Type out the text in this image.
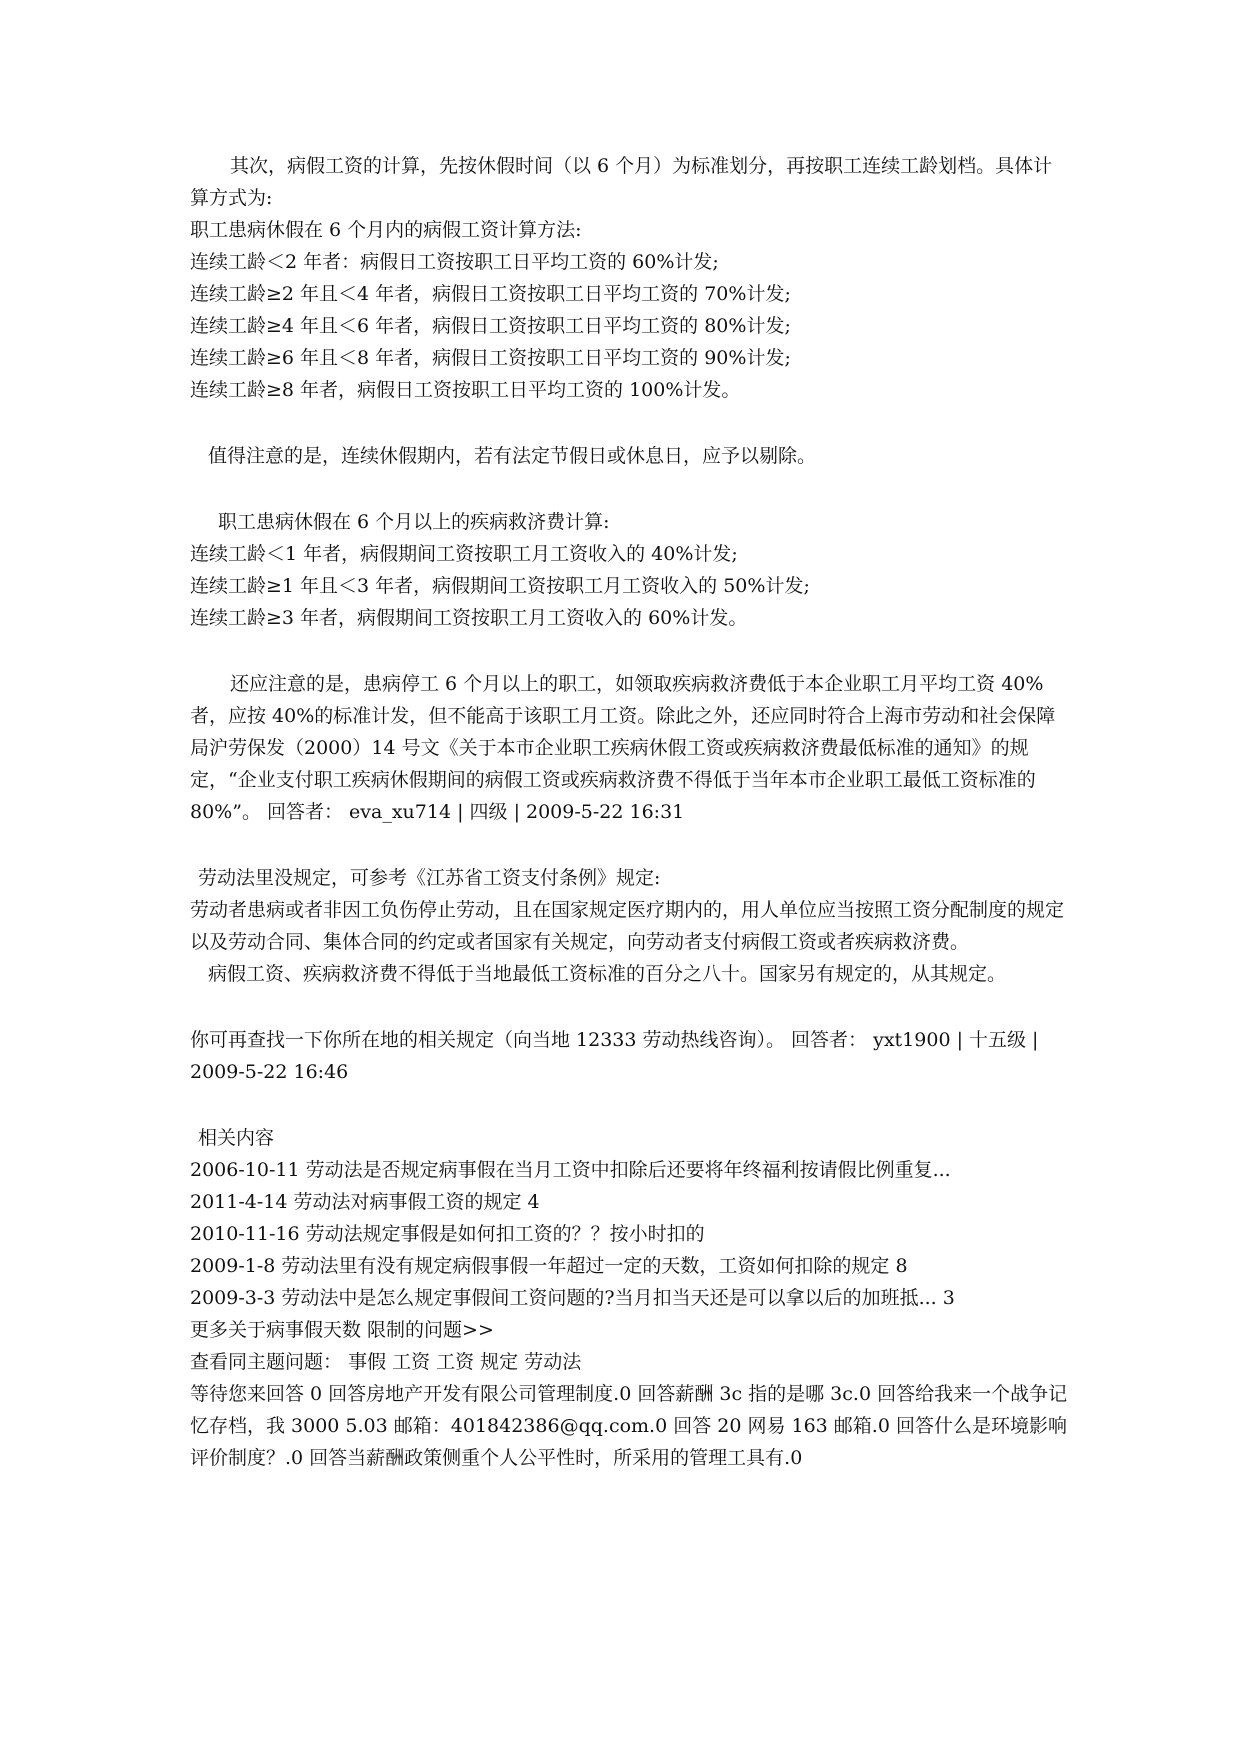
其次，病假工资的计算，先按休假时间（以 6 个月）为标准划分，再按职工连续工龄划档。具体计算方式为:

职工患病休假在 6 个月内的病假工资计算方法:

连续工龄＜2 年者：病假日工资按职工日平均工资的 60%计发;

连续工龄≥2 年且＜4 年者，病假日工资按职工日平均工资的 70%计发;

连续工龄≥4 年且＜6 年者，病假日工资按职工日平均工资的 80%计发;

连续工龄≥6 年且＜8 年者，病假日工资按职工日平均工资的 90%计发;

连续工龄≥8 年者，病假日工资按职工日平均工资的 100%计发。

值得注意的是，连续休假期内，若有法定节假日或休息日，应予以剔除。

职工患病休假在 6 个月以上的疾病救济费计算:

连续工龄＜1 年者，病假期间工资按职工月工资收入的 40%计发;

连续工龄≥1 年且＜3 年者，病假期间工资按职工月工资收入的 50%计发;

连续工龄≥3 年者，病假期间工资按职工月工资收入的 60%计发。

还应注意的是，患病停工 6 个月以上的职工，如领取疾病救济费低于本企业职工月平均工资 40%者，应按 40%的标准计发，但不能高于该职工月工资。除此之外，还应同时符合上海市劳动和社会保障局沪劳保发（2000）14 号文《关于本市企业职工疾病休假工资或疾病救济费最低标准的通知》的规定，“企业支付职工疾病休假期间的病假工资或疾病救济费不得低于当年本市企业职工最低工资标准的 80%”。 回答者： eva_xu714 | 四级 | 2009-5-22 16:31

劳动法里没规定，可参考《江苏省工资支付条例》规定:

劳动者患病或者非因工负伤停止劳动，且在国家规定医疗期内的，用人单位应当按照工资分配制度的规定以及劳动合同、集体合同的约定或者国家有关规定，向劳动者支付病假工资或者疾病救济费。

病假工资、疾病救济费不得低于当地最低工资标准的百分之八十。国家另有规定的，从其规定。

你可再查找一下你所在地的相关规定（向当地 12333 劳动热线咨询）。 回答者： yxt1900 | 十五级 | 2009-5-22 16:46

相关内容

2006-10-11 劳动法是否规定病事假在当月工资中扣除后还要将年终福利按请假比例重复...

2011-4-14 劳动法对病事假工资的规定 4

2010-11-16 劳动法规定事假是如何扣工资的？？按小时扣的

2009-1-8 劳动法里有没有规定病假事假一年超过一定的天数，工资如何扣除的规定 8

2009-3-3 劳动法中是怎么规定事假间工资问题的?当月扣当天还是可以拿以后的加班抵... 3

更多关于病事假天数 限制的问题>>

查看同主题问题： 事假 工资 工资 规定 劳动法

等待您来回答 0 回答房地产开发有限公司管理制度.0 回答薪酬 3c 指的是哪 3c.0 回答给我来一个战争记忆存档，我 3000 5.03 邮箱：401842386@qq.com.0 回答 20 网易 163 邮箱.0 回答什么是环境影响评价制度？.0 回答当薪酬政策侧重个人公平性时，所采用的管理工具有.0
